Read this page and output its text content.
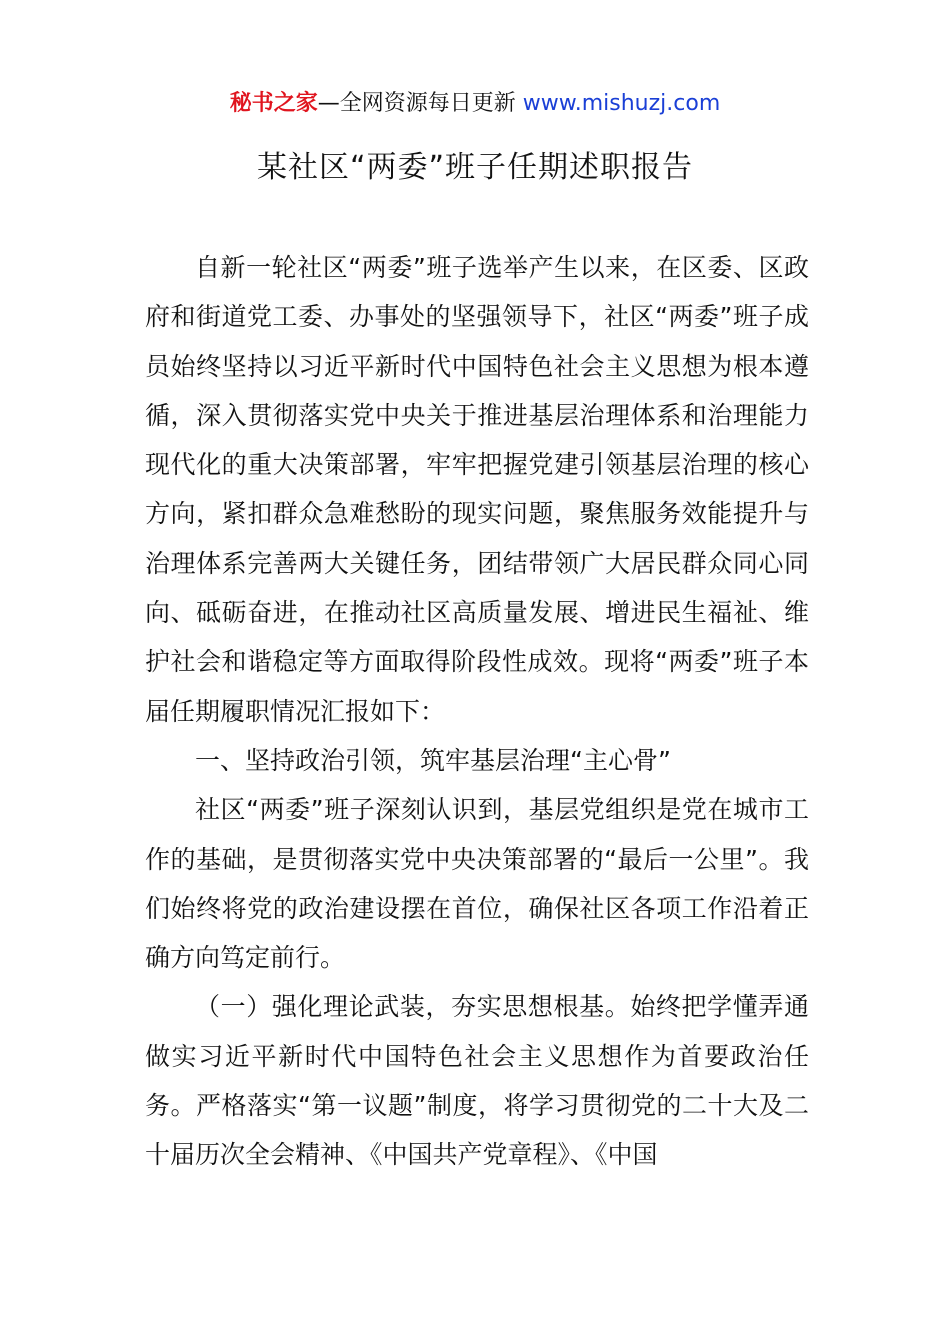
秘书之家—全网资源每日更新 www.mishuzj.com
某社区“两委”班子任期述职报告

自新一轮社区“两委”班子选举产生以来，在区委、区政府和街道党工委、办事处的坚强领导下，社区“两委”班子成员始终坚持以习近平新时代中国特色社会主义思想为根本遵循，深入贯彻落实党中央关于推进基层治理体系和治理能力现代化的重大决策部署，牢牢把握党建引领基层治理的核心方向，紧扣群众急难愁盼的现实问题，聚焦服务效能提升与治理体系完善两大关键任务，团结带领广大居民群众同心同向、砥砺奋进，在推动社区高质量发展、增进民生福祉、维护社会和谐稳定等方面取得阶段性成效。现将“两委”班子本届任期履职情况汇报如下：

一、坚持政治引领，筑牢基层治理“主心骨”

社区“两委”班子深刻认识到，基层党组织是党在城市工作的基础，是贯彻落实党中央决策部署的“最后一公里”。我们始终将党的政治建设摆在首位，确保社区各项工作沿着正确方向笃定前行。

（一）强化理论武装，夯实思想根基。始终把学懂弄通做实习近平新时代中国特色社会主义思想作为首要政治任务。严格落实“第一议题”制度，将学习贯彻党的二十大及二十届历次全会精神、《中国共产党章程》、《中国
